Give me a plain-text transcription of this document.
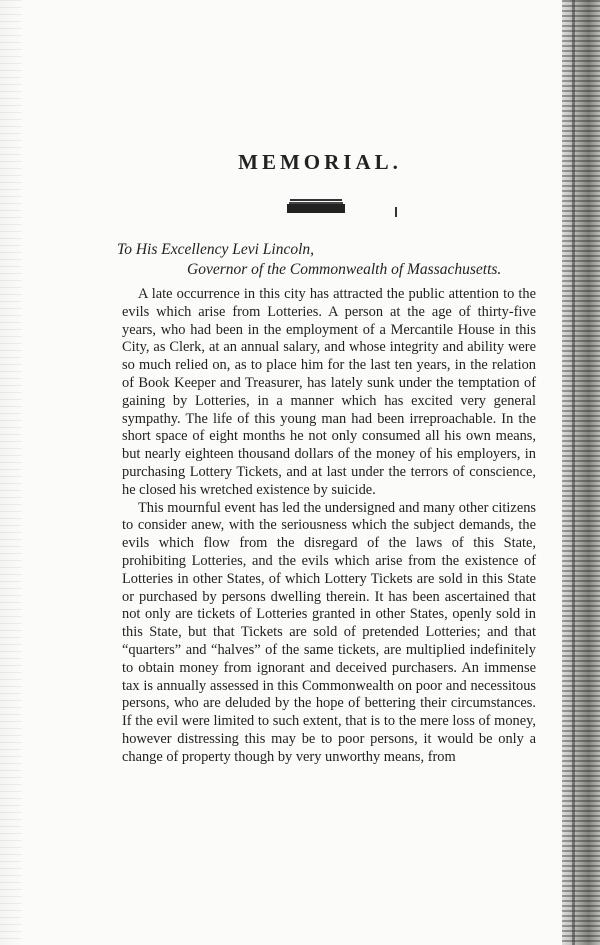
MEMORIAL.
To His Excellency Levi Lincoln,
Governor of the Commonwealth of Massachusetts.

A late occurrence in this city has attracted the public attention to the evils which arise from Lotteries. A person at the age of thirty-five years, who had been in the employment of a Mercantile House in this City, as Clerk, at an annual salary, and whose integrity and ability were so much relied on, as to place him for the last ten years, in the relation of Book Keeper and Treasurer, has lately sunk under the temptation of gaining by Lotteries, in a manner which has excited very general sympathy. The life of this young man had been irreproachable. In the short space of eight months he not only consumed all his own means, but nearly eighteen thousand dollars of the money of his employers, in purchasing Lottery Tickets, and at last under the terrors of conscience, he closed his wretched existence by suicide.

This mournful event has led the undersigned and many other citizens to consider anew, with the seriousness which the subject demands, the evils which flow from the disregard of the laws of this State, prohibiting Lotteries, and the evils which arise from the existence of Lotteries in other States, of which Lottery Tickets are sold in this State or purchased by persons dwelling therein. It has been ascertained that not only are tickets of Lotteries granted in other States, openly sold in this State, but that Tickets are sold of pretended Lotteries; and that “quarters” and “halves” of the same tickets, are multiplied indefinitely to obtain money from ignorant and deceived purchasers. An immense tax is annually assessed in this Commonwealth on poor and necessitous persons, who are deluded by the hope of bettering their circumstances. If the evil were limited to such extent, that is to the mere loss of money, however distressing this may be to poor persons, it would be only a change of property though by very unworthy means, from
